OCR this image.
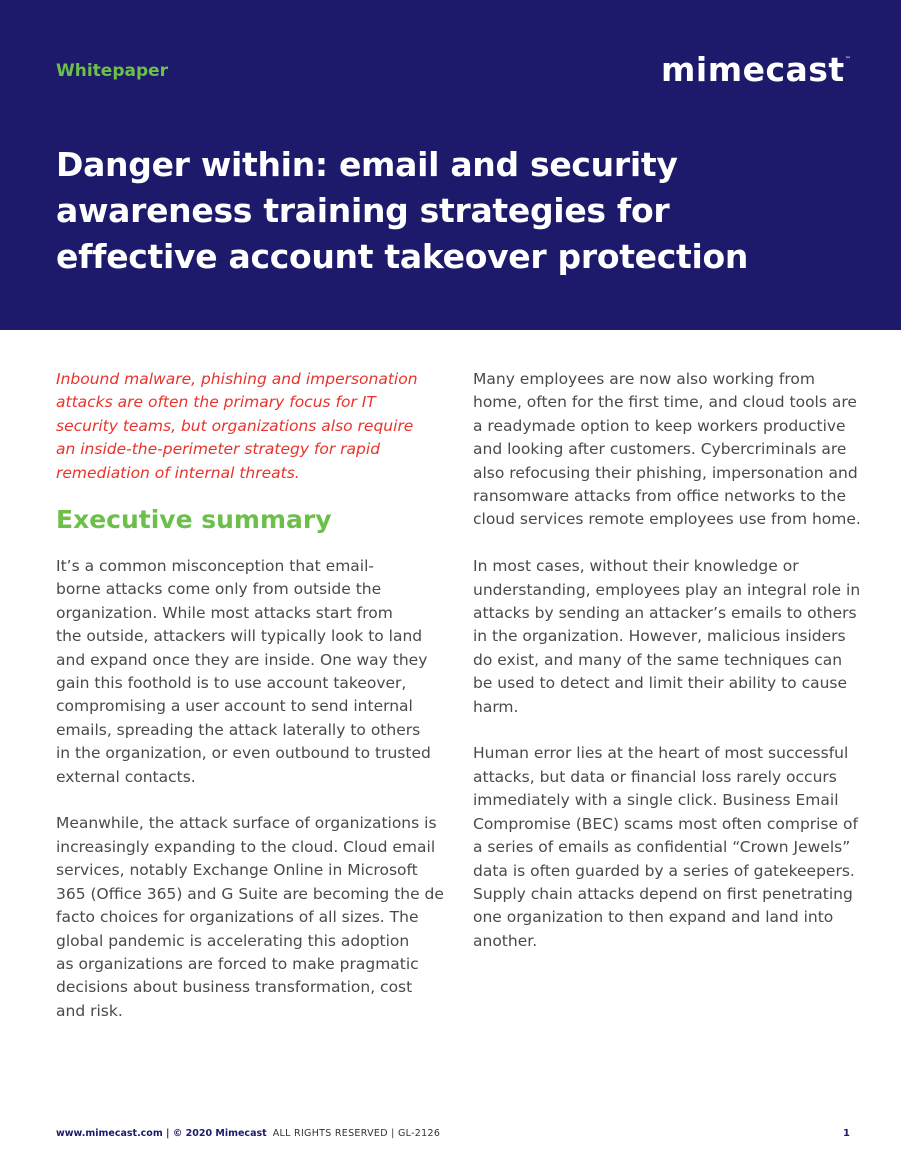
Whitepaper	mimecast™
Danger within: email and security
awareness training strategies for
effective account takeover protection
Inbound malware, phishing and impersonation
attacks are often the primary focus for IT
security teams, but organizations also require
an inside-the-perimeter strategy for rapid
remediation of internal threats.
Executive summary
It’s a common misconception that email-
borne attacks come only from outside the
organization. While most attacks start from
the outside, attackers will typically look to land
and expand once they are inside. One way they
gain this foothold is to use account takeover,
compromising a user account to send internal
emails, spreading the attack laterally to others
in the organization, or even outbound to trusted
external contacts.
Meanwhile, the attack surface of organizations is
increasingly expanding to the cloud. Cloud email
services, notably Exchange Online in Microsoft
365 (Office 365) and G Suite are becoming the de
facto choices for organizations of all sizes. The
global pandemic is accelerating this adoption
as organizations are forced to make pragmatic
decisions about business transformation, cost
and risk.
Many employees are now also working from
home, often for the first time, and cloud tools are
a readymade option to keep workers productive
and looking after customers. Cybercriminals are
also refocusing their phishing, impersonation and
ransomware attacks from office networks to the
cloud services remote employees use from home.
In most cases, without their knowledge or
understanding, employees play an integral role in
attacks by sending an attacker’s emails to others
in the organization. However, malicious insiders
do exist, and many of the same techniques can
be used to detect and limit their ability to cause
harm.
Human error lies at the heart of most successful
attacks, but data or financial loss rarely occurs
immediately with a single click. Business Email
Compromise (BEC) scams most often comprise of
a series of emails as confidential “Crown Jewels”
data is often guarded by a series of gatekeepers.
Supply chain attacks depend on first penetrating
one organization to then expand and land into
another.
www.mimecast.com | © 2020 Mimecast ALL RIGHTS RESERVED | GL-2126	1
